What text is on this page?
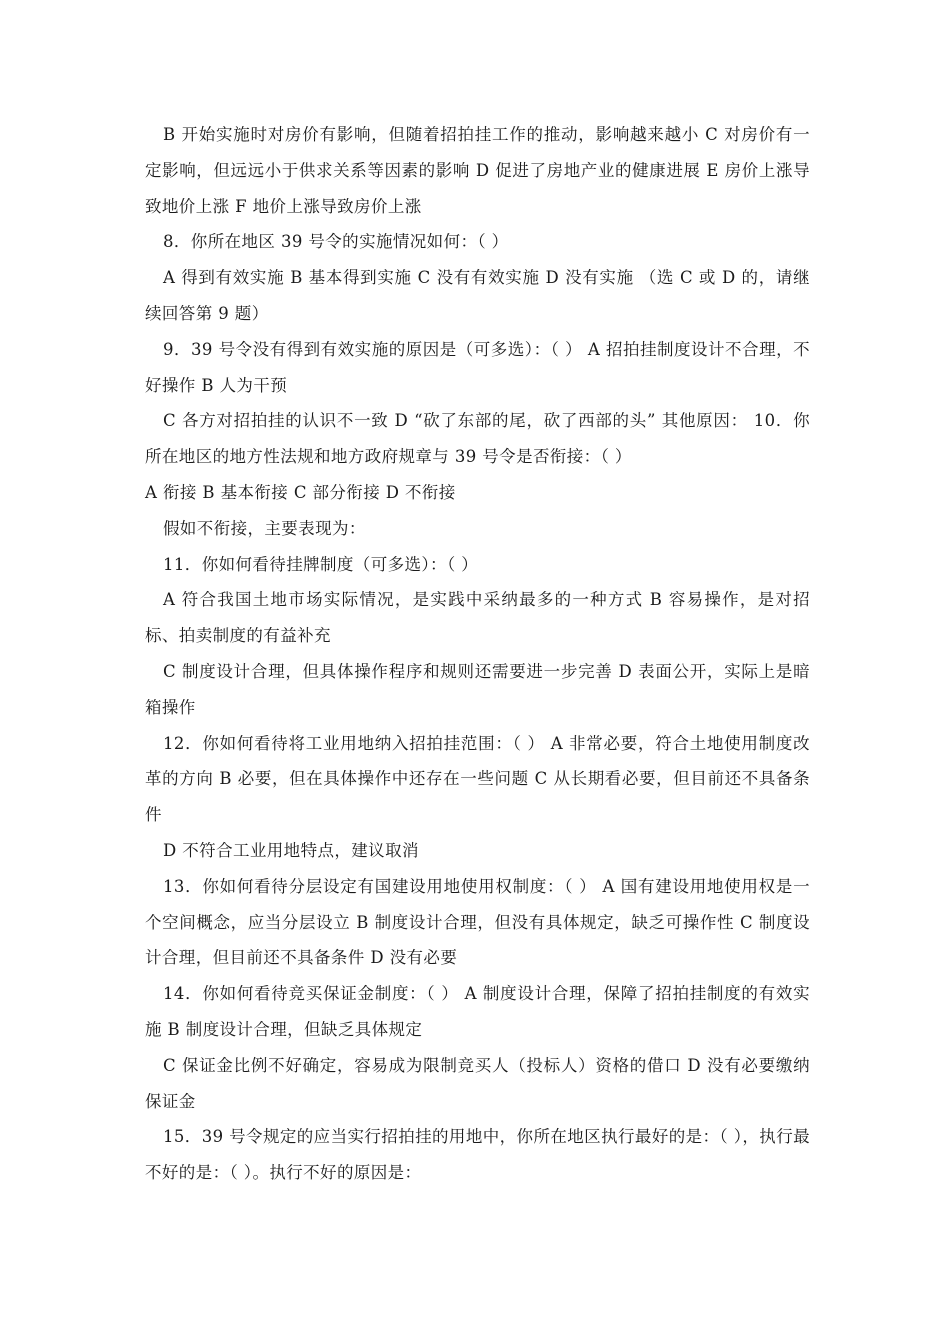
B 开始实施时对房价有影响，但随着招拍挂工作的推动，影响越来越小 C 对房价有一定影响，但远远小于供求关系等因素的影响 D 促进了房地产业的健康进展 E 房价上涨导致地价上涨 F 地价上涨导致房价上涨

8．你所在地区 39 号令的实施情况如何：（ ）

A 得到有效实施 B 基本得到实施 C 没有有效实施 D 没有实施 （选 C 或 D 的，请继续回答第 9 题）

9．39 号令没有得到有效实施的原因是（可多选）：（ ） A 招拍挂制度设计不合理，不好操作 B 人为干预

C 各方对招拍挂的认识不一致 D “砍了东部的尾，砍了西部的头” 其他原因： 10．你所在地区的地方性法规和地方政府规章与 39 号令是否衔接：（ ）

A 衔接 B 基本衔接 C 部分衔接 D 不衔接

假如不衔接，主要表现为：

11．你如何看待挂牌制度（可多选）：（ ）

A 符合我国土地市场实际情况，是实践中采纳最多的一种方式 B 容易操作，是对招标、拍卖制度的有益补充

C 制度设计合理，但具体操作程序和规则还需要进一步完善 D 表面公开，实际上是暗箱操作

12．你如何看待将工业用地纳入招拍挂范围：（ ） A 非常必要，符合土地使用制度改革的方向 B 必要，但在具体操作中还存在一些问题 C 从长期看必要，但目前还不具备条件

D 不符合工业用地特点，建议取消

13．你如何看待分层设定有国建设用地使用权制度：（ ） A 国有建设用地使用权是一个空间概念，应当分层设立 B 制度设计合理，但没有具体规定，缺乏可操作性 C 制度设计合理，但目前还不具备条件 D 没有必要

14．你如何看待竞买保证金制度：（ ） A 制度设计合理，保障了招拍挂制度的有效实施 B 制度设计合理，但缺乏具体规定

C 保证金比例不好确定，容易成为限制竞买人（投标人）资格的借口 D 没有必要缴纳保证金

15．39 号令规定的应当实行招拍挂的用地中，你所在地区执行最好的是：（ ），执行最不好的是：（ ）。执行不好的原因是：
